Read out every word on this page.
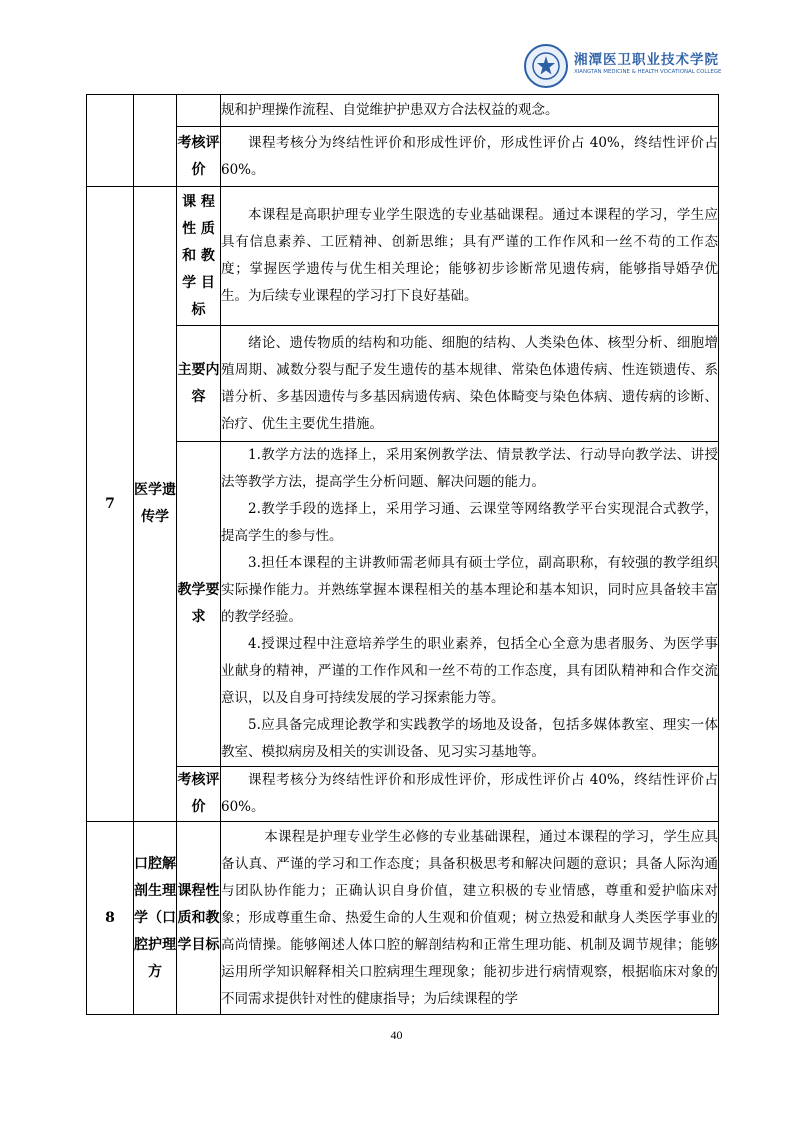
湘潭医卫职业技术学院
XIANGTAN MEDICINE & HEALTH VOCATIONAL COLLEGE

			规和护理操作流程、自觉维护护患双方合法权益的观念。

		考核评价	课程考核分为终结性评价和形成性评价，形成性评价占 40%，终结性评价占 60%。

7	医学遗传学	课 程 性 质 和 教 学 目 标	本课程是高职护理专业学生限选的专业基础课程。通过本课程的学习，学生应具有信息素养、工匠精神、创新思维；具有严谨的工作作风和一丝不苟的工作态度；掌握医学遗传与优生相关理论；能够初步诊断常见遗传病，能够指导婚孕优生。为后续专业课程的学习打下良好基础。

		主要内容	绪论、遗传物质的结构和功能、细胞的结构、人类染色体、核型分析、细胞增殖周期、减数分裂与配子发生遗传的基本规律、常染色体遗传病、性连锁遗传、系谱分析、多基因遗传与多基因病遗传病、染色体畸变与染色体病、遗传病的诊断、治疗、优生主要优生措施。

		教学要求	1.教学方法的选择上，采用案例教学法、情景教学法、行动导向教学法、讲授法等教学方法，提高学生分析问题、解决问题的能力。

2.教学手段的选择上，采用学习通、云课堂等网络教学平台实现混合式教学，提高学生的参与性。

3.担任本课程的主讲教师需老师具有硕士学位，副高职称，有较强的教学组织实际操作能力。并熟练掌握本课程相关的基本理论和基本知识，同时应具备较丰富的教学经验。

4.授课过程中注意培养学生的职业素养，包括全心全意为患者服务、为医学事业献身的精神，严谨的工作作风和一丝不苟的工作态度，具有团队精神和合作交流意识，以及自身可持续发展的学习探索能力等。

5.应具备完成理论教学和实践教学的场地及设备，包括多媒体教室、理实一体教室、模拟病房及相关的实训设备、见习实习基地等。

		考核评价	课程考核分为终结性评价和形成性评价，形成性评价占 40%，终结性评价占 60%。

8	口腔解剖生理学（口腔护理方	课程性质和教学目标	本课程是护理专业学生必修的专业基础课程，通过本课程的学习，学生应具备认真、严谨的学习和工作态度；具备积极思考和解决问题的意识；具备人际沟通与团队协作能力；正确认识自身价值，建立积极的专业情感，尊重和爱护临床对象；形成尊重生命、热爱生命的人生观和价值观；树立热爱和献身人类医学事业的高尚情操。能够阐述人体口腔的解剖结构和正常生理功能、机制及调节规律；能够运用所学知识解释相关口腔病理生理现象；能初步进行病情观察，根据临床对象的不同需求提供针对性的健康指导；为后续课程的学

40
